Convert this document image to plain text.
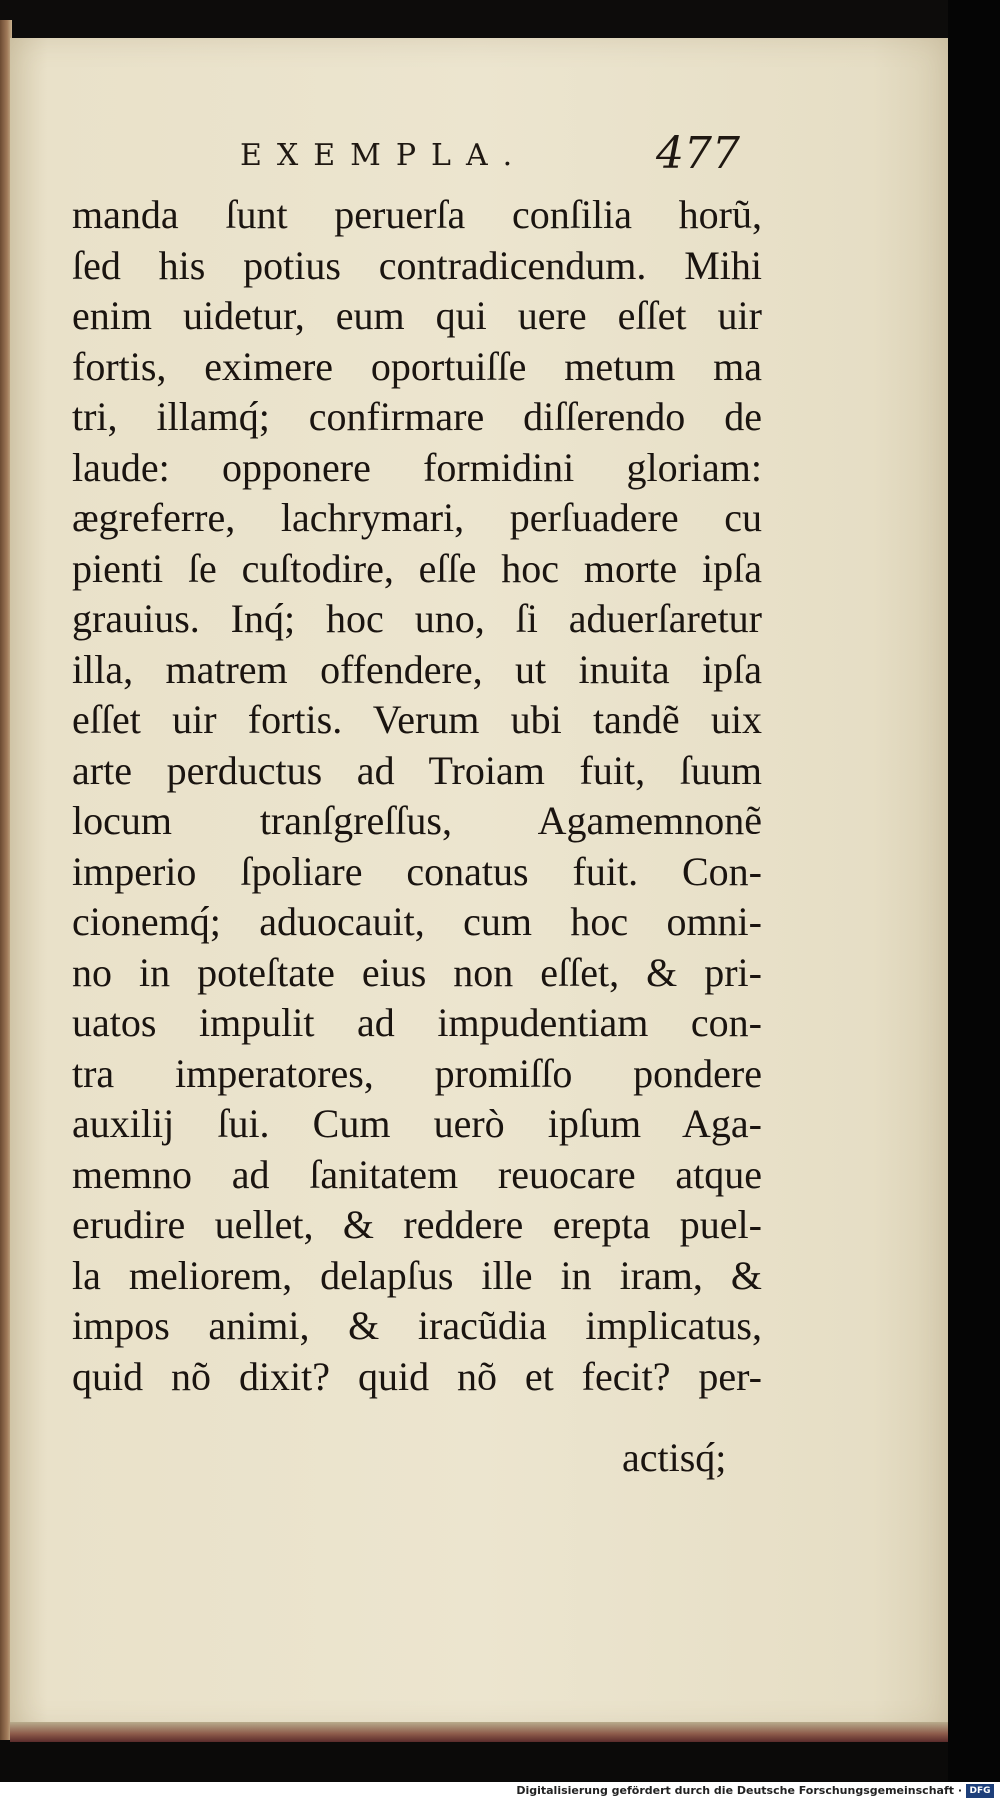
EXEMPLA.	477
manda ſunt peruerſa conſilia horũ,
ſed his potius contradicendum. Mihi
enim uidetur, eum qui uere eſſet uir
fortis, eximere oportuiſſe metum ma
tri, illamq́; confirmare diſſerendo de
laude: opponere formidini gloriam:
ægreferre, lachrymari, perſuadere cu
pienti ſe cuſtodire, eſſe hoc morte ipſa
grauius. Inq́; hoc uno, ſi aduerſaretur
illa, matrem offendere, ut inuita ipſa
eſſet uir fortis. Verum ubi tandẽ uix
arte perductus ad Troiam fuit, ſuum
locum tranſgreſſus, Agamemnonẽ
imperio ſpoliare conatus fuit. Con-
cionemq́; aduocauit, cum hoc omni-
no in poteſtate eius non eſſet, & pri-
uatos impulit ad impudentiam con-
tra imperatores, promiſſo pondere
auxilij ſui. Cum uerò ipſum Aga-
memno ad ſanitatem reuocare atque
erudire uellet, & reddere erepta puel-
la meliorem, delapſus ille in iram, &
impos animi, & iracũdia implicatus,
quid nõ dixit? quid nõ et fecit? per-
actisq́;
Digitalisierung gefördert durch die Deutsche Forschungsgemeinschaft · DFG
